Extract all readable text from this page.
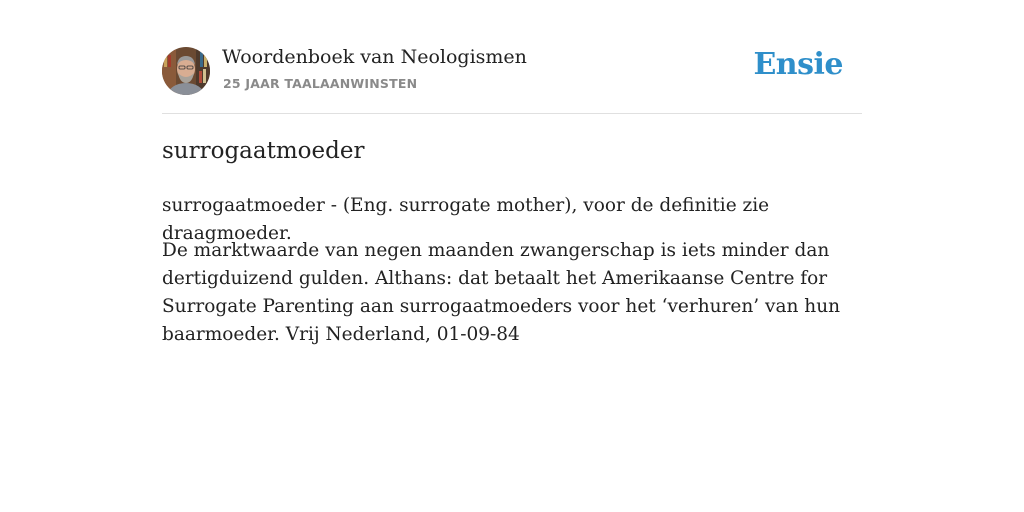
Woordenboek van Neologismen
25 JAAR TAALAANWINSTEN
Ensie
surrogaatmoeder

surrogaatmoeder - (Eng. surrogate mother), voor de definitie zie draagmoeder.

De marktwaarde van negen maanden zwangerschap is iets minder dan dertigduizend gulden. Althans: dat betaalt het Amerikaanse Centre for Surrogate Parenting aan surrogaatmoeders voor het ‘verhuren’ van hun baarmoeder. Vrij Nederland, 01-09-84
